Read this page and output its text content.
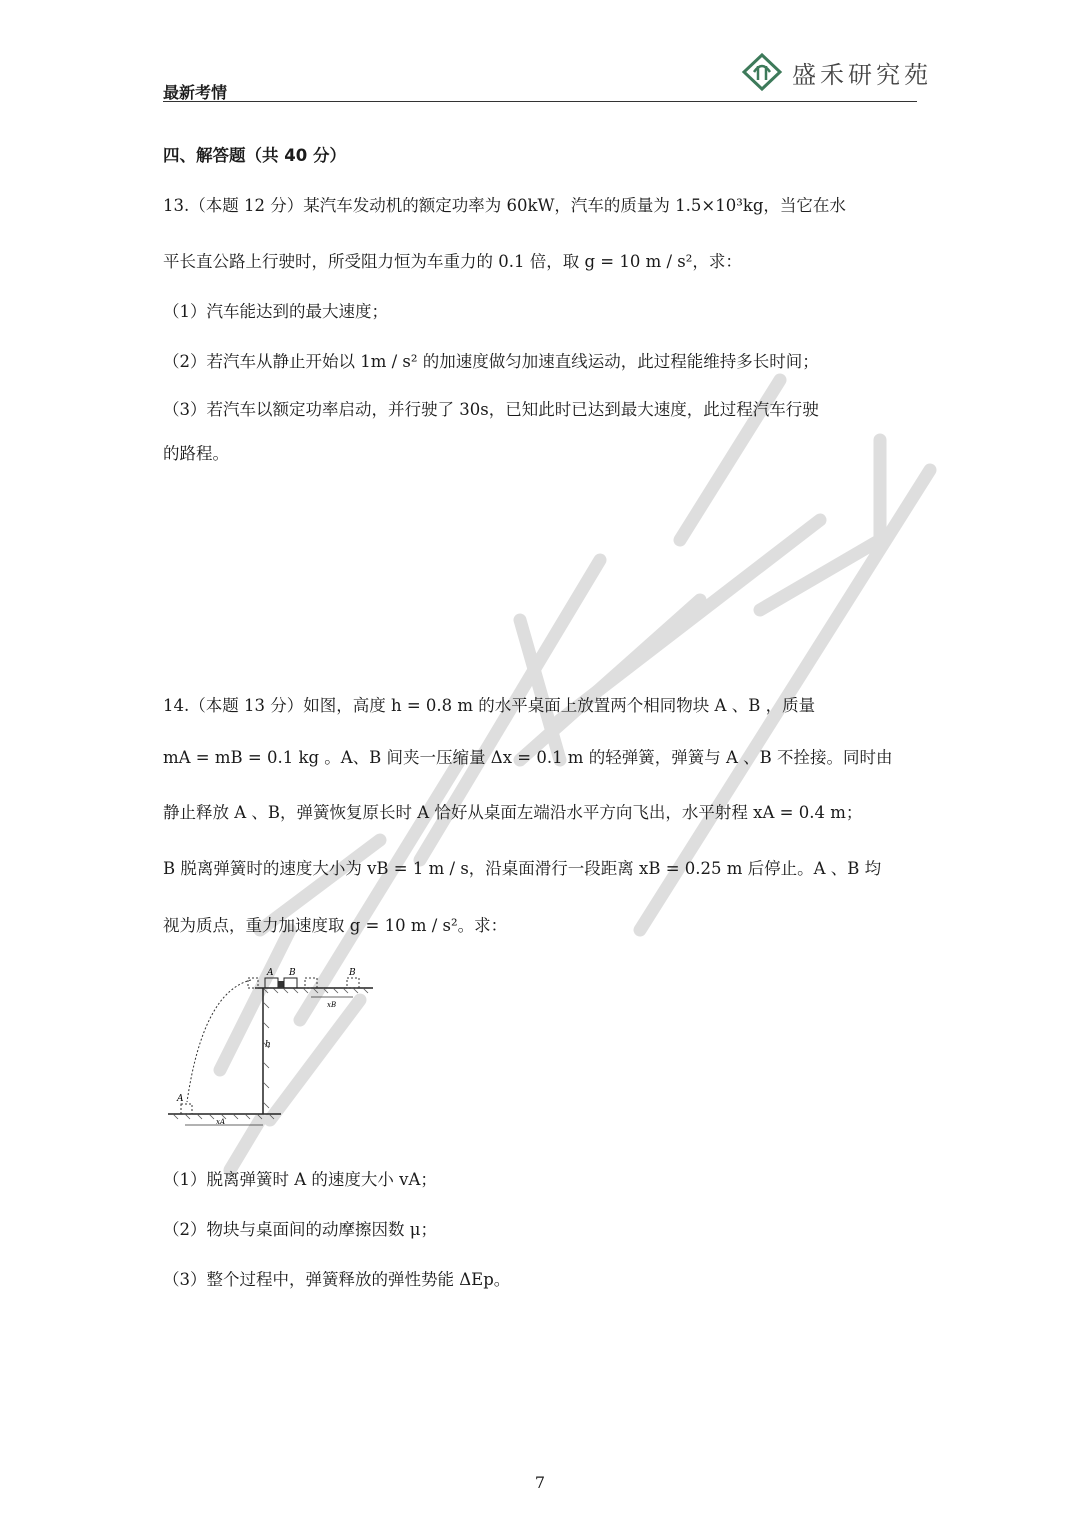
最新考情
盛禾研究苑
四、解答题（共 40 分）
13.（本题 12 分）某汽车发动机的额定功率为 60kW，汽车的质量为 1.5×10³kg，当它在水
平长直公路上行驶时，所受阻力恒为车重力的 0.1 倍，取 g = 10 m / s²，求：
（1）汽车能达到的最大速度；
（2）若汽车从静止开始以 1m / s² 的加速度做匀加速直线运动，此过程能维持多长时间；
（3）若汽车以额定功率启动，并行驶了 30s，已知此时已达到最大速度，此过程汽车行驶
的路程。
14.（本题 13 分）如图，高度 h = 0.8 m 的水平桌面上放置两个相同物块 A 、B ，质量
mA = mB = 0.1 kg 。A、B 间夹一压缩量 Δx = 0.1 m 的轻弹簧，弹簧与 A 、B 不拴接。同时由
静止释放 A 、B，弹簧恢复原长时 A 恰好从桌面左端沿水平方向飞出，水平射程 xA = 0.4 m；
B 脱离弹簧时的速度大小为 vB = 1 m / s，沿桌面滑行一段距离 xB = 0.25 m 后停止。A 、B 均
视为质点，重力加速度取 g = 10 m / s²。求：
A B	B
xB
h
A
xA
（1）脱离弹簧时 A 的速度大小 vA；
（2）物块与桌面间的动摩擦因数 μ；
（3）整个过程中，弹簧释放的弹性势能 ΔEp。
7
